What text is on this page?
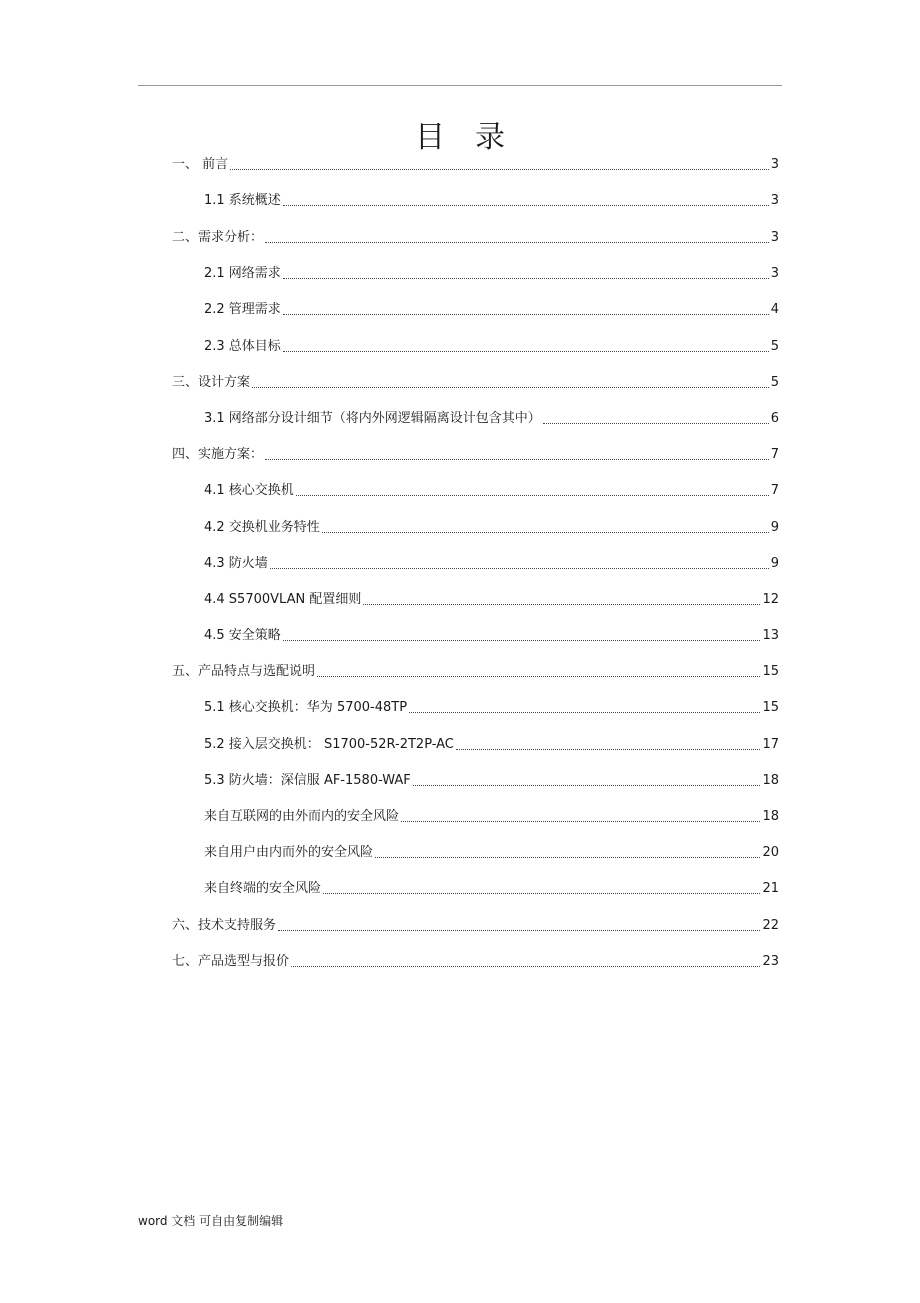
目录
一、 前言	3
1.1 系统概述	3
二、需求分析：	3
2.1 网络需求	3
2.2 管理需求	4
2.3 总体目标	5
三、设计方案	5
3.1 网络部分设计细节（将内外网逻辑隔离设计包含其中）	6
四、实施方案：	7
4.1 核心交换机	7
4.2 交换机业务特性	9
4.3 防火墙	9
4.4 S5700VLAN 配置细则	12
4.5 安全策略	13
五、产品特点与选配说明	15
5.1 核心交换机：华为 5700-48TP	15
5.2 接入层交换机： S1700-52R-2T2P-AC	17
5.3 防火墙：深信服 AF-1580-WAF	18
来自互联网的由外而内的安全风险	18
来自用户由内而外的安全风险	20
来自终端的安全风险	21
六、技术支持服务	22
七、产品选型与报价	23
word 文档 可自由复制编辑
